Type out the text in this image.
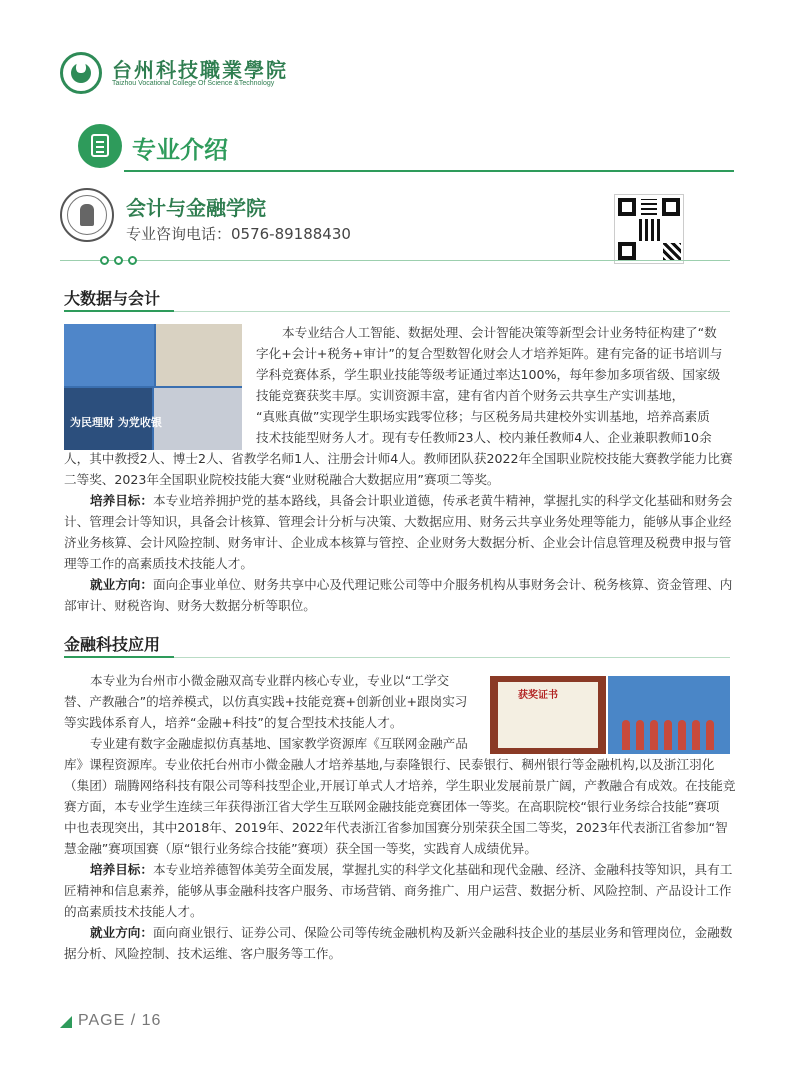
台州科技職業學院
Taizhou Vocational College Of Science &Technology
专业介绍
会计与金融学院
专业咨询电话：0576-89188430
大数据与会计
为民理财 为党收银
本专业结合人工智能、数据处理、会计智能决策等新型会计业务特征构建了“数
字化+会计+税务+审计”的复合型数智化财会人才培养矩阵。建有完备的证书培训与
学科竞赛体系，学生职业技能等级考证通过率达100%，每年参加多项省级、国家级
技能竞赛获奖丰厚。实训资源丰富，建有省内首个财务云共享生产实训基地，
“真账真做”实现学生职场实践零位移；与区税务局共建校外实训基地，培养高素质
技术技能型财务人才。现有专任教师23人、校内兼任教师4人、企业兼职教师10余
人，其中教授2人、博士2人、省教学名师1人、注册会计师4人。教师团队获2022年全国职业院校技能大赛教学能力比赛
二等奖、2023年全国职业院校技能大赛“业财税融合大数据应用”赛项二等奖。
培养目标：本专业培养拥护党的基本路线，具备会计职业道德，传承老黄牛精神，掌握扎实的科学文化基础和财务会
计、管理会计等知识，具备会计核算、管理会计分析与决策、大数据应用、财务云共享业务处理等能力，能够从事企业经
济业务核算、会计风险控制、财务审计、企业成本核算与管控、企业财务大数据分析、企业会计信息管理及税费申报与管
理等工作的高素质技术技能人才。
就业方向：面向企事业单位、财务共享中心及代理记账公司等中介服务机构从事财务会计、税务核算、资金管理、内
部审计、财税咨询、财务大数据分析等职位。
金融科技应用
获奖证书
本专业为台州市小微金融双高专业群内核心专业，专业以“工学交
替、产教融合”的培养模式，以仿真实践+技能竞赛+创新创业+跟岗实习
等实践体系育人，培养“金融+科技”的复合型技术技能人才。
专业建有数字金融虚拟仿真基地、国家教学资源库《互联网金融产品
库》课程资源库。专业依托台州市小微金融人才培养基地,与泰隆银行、民泰银行、稠州银行等金融机构,以及浙江羽化
（集团）瑞腾网络科技有限公司等科技型企业,开展订单式人才培养，学生职业发展前景广阔，产教融合有成效。在技能竞
赛方面，本专业学生连续三年获得浙江省大学生互联网金融技能竞赛团体一等奖。在高职院校“银行业务综合技能”赛项
中也表现突出，其中2018年、2019年、2022年代表浙江省参加国赛分别荣获全国二等奖，2023年代表浙江省参加“智
慧金融”赛项国赛（原“银行业务综合技能”赛项）获全国一等奖，实践育人成绩优异。
培养目标：本专业培养德智体美劳全面发展，掌握扎实的科学文化基础和现代金融、经济、金融科技等知识，具有工
匠精神和信息素养，能够从事金融科技客户服务、市场营销、商务推广、用户运营、数据分析、风险控制、产品设计工作
的高素质技术技能人才。
就业方向：面向商业银行、证券公司、保险公司等传统金融机构及新兴金融科技企业的基层业务和管理岗位，金融数
据分析、风险控制、技术运维、客户服务等工作。
PAGE / 16
